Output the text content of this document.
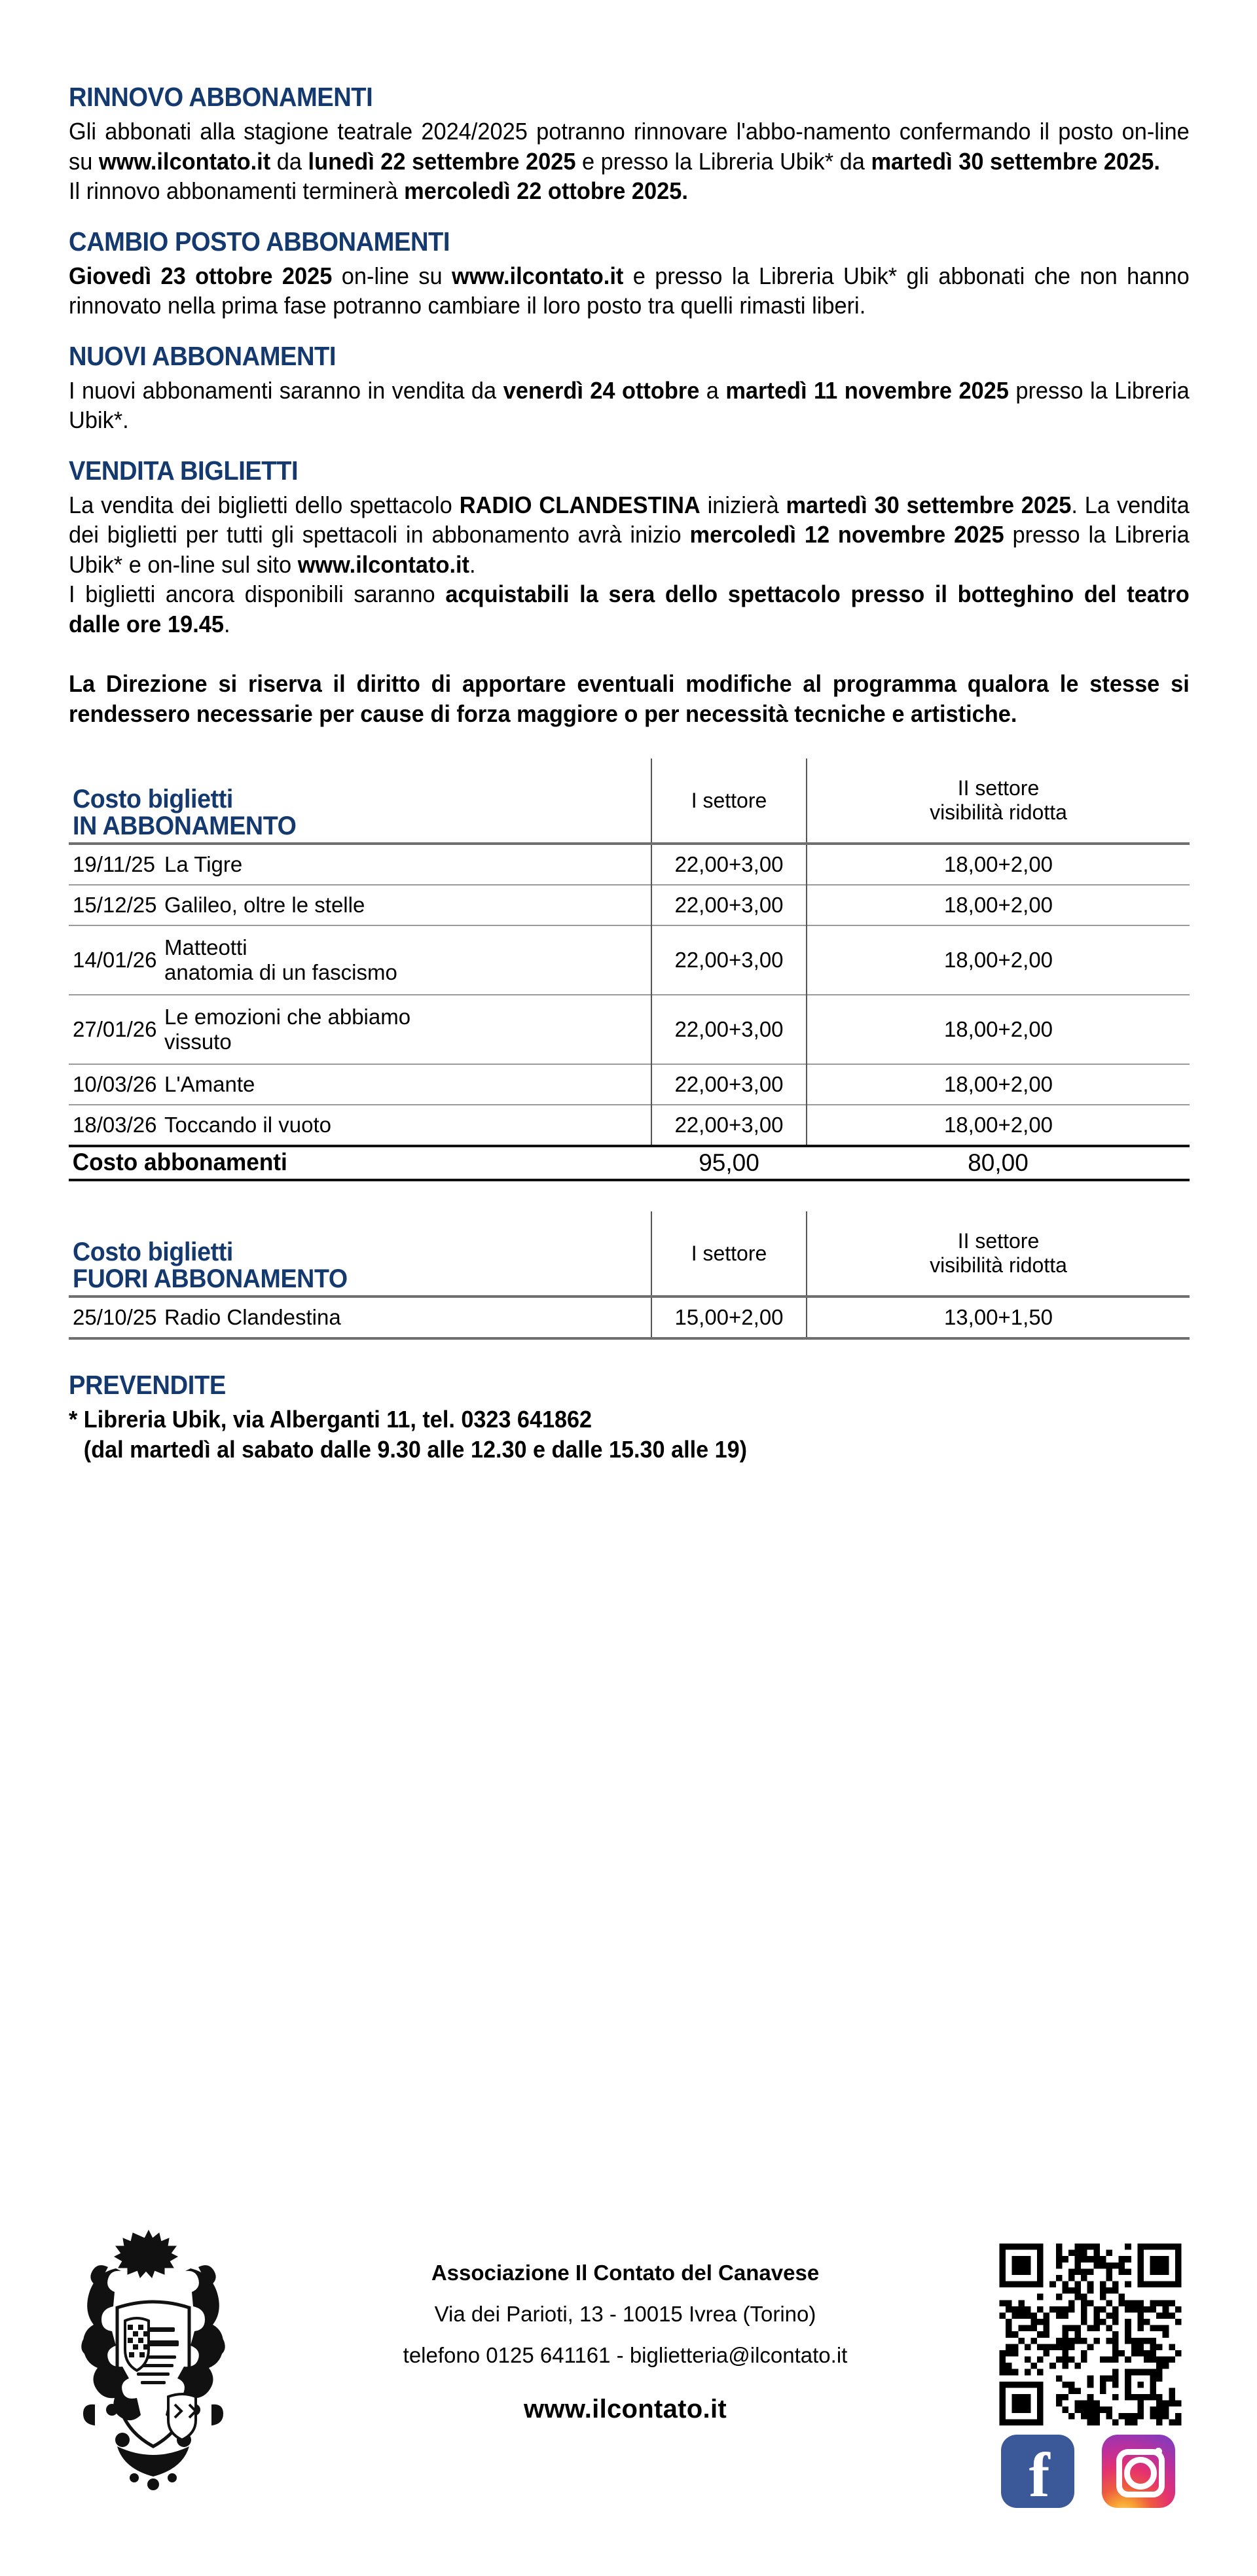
RINNOVO ABBONAMENTI

Gli abbonati alla stagione teatrale 2024/2025 potranno rinnovare l'abbo-namento confermando il posto on-line su www.ilcontato.it da lunedì 22 settembre 2025 e presso la Libreria Ubik* da martedì 30 settembre 2025.
Il rinnovo abbonamenti terminerà mercoledì 22 ottobre 2025.

CAMBIO POSTO ABBONAMENTI

Giovedì 23 ottobre 2025 on-line su www.ilcontato.it e presso la Libreria Ubik* gli abbonati che non hanno rinnovato nella prima fase potranno cambiare il loro posto tra quelli rimasti liberi.

NUOVI ABBONAMENTI

I nuovi abbonamenti saranno in vendita da venerdì 24 ottobre a martedì 11 novembre 2025 presso la Libreria Ubik*.

VENDITA BIGLIETTI

La vendita dei biglietti dello spettacolo RADIO CLANDESTINA inizierà martedì 30 settembre 2025. La vendita dei biglietti per tutti gli spettacoli in abbonamento avrà inizio mercoledì 12 novembre 2025 presso la Libreria Ubik* e on-line sul sito www.ilcontato.it.
I biglietti ancora disponibili saranno acquistabili la sera dello spettacolo presso il botteghino del teatro dalle ore 19.45.

La Direzione si riserva il diritto di apportare eventuali modifiche al programma qualora le stesse si rendessero necessarie per cause di forza maggiore o per necessità tecniche e artistiche.

Costo biglietti
IN ABBONAMENTO		I settore	II settore
visibilità ridotta
19/11/25	La Tigre	22,00+3,00	18,00+2,00
15/12/25	Galileo, oltre le stelle	22,00+3,00	18,00+2,00
14/01/26	Matteotti
anatomia di un fascismo	22,00+3,00	18,00+2,00
27/01/26	Le emozioni che abbiamo
vissuto	22,00+3,00	18,00+2,00
10/03/26	L'Amante	22,00+3,00	18,00+2,00
18/03/26	Toccando il vuoto	22,00+3,00	18,00+2,00
Costo abbonamenti		95,00	80,00

Costo biglietti
FUORI ABBONAMENTO		I settore	II settore
visibilità ridotta
25/10/25	Radio Clandestina	15,00+2,00	13,00+1,50

PREVENDITE
* Libreria Ubik, via Alberganti 11, tel. 0323 641862
(dal martedì al sabato dalle 9.30 alle 12.30 e dalle 15.30 alle 19)
Associazione Il Contato del Canavese
Via dei Parioti, 13 - 10015 Ivrea (Torino)
telefono 0125 641161 - biglietteria@ilcontato.it
www.ilcontato.it
f
